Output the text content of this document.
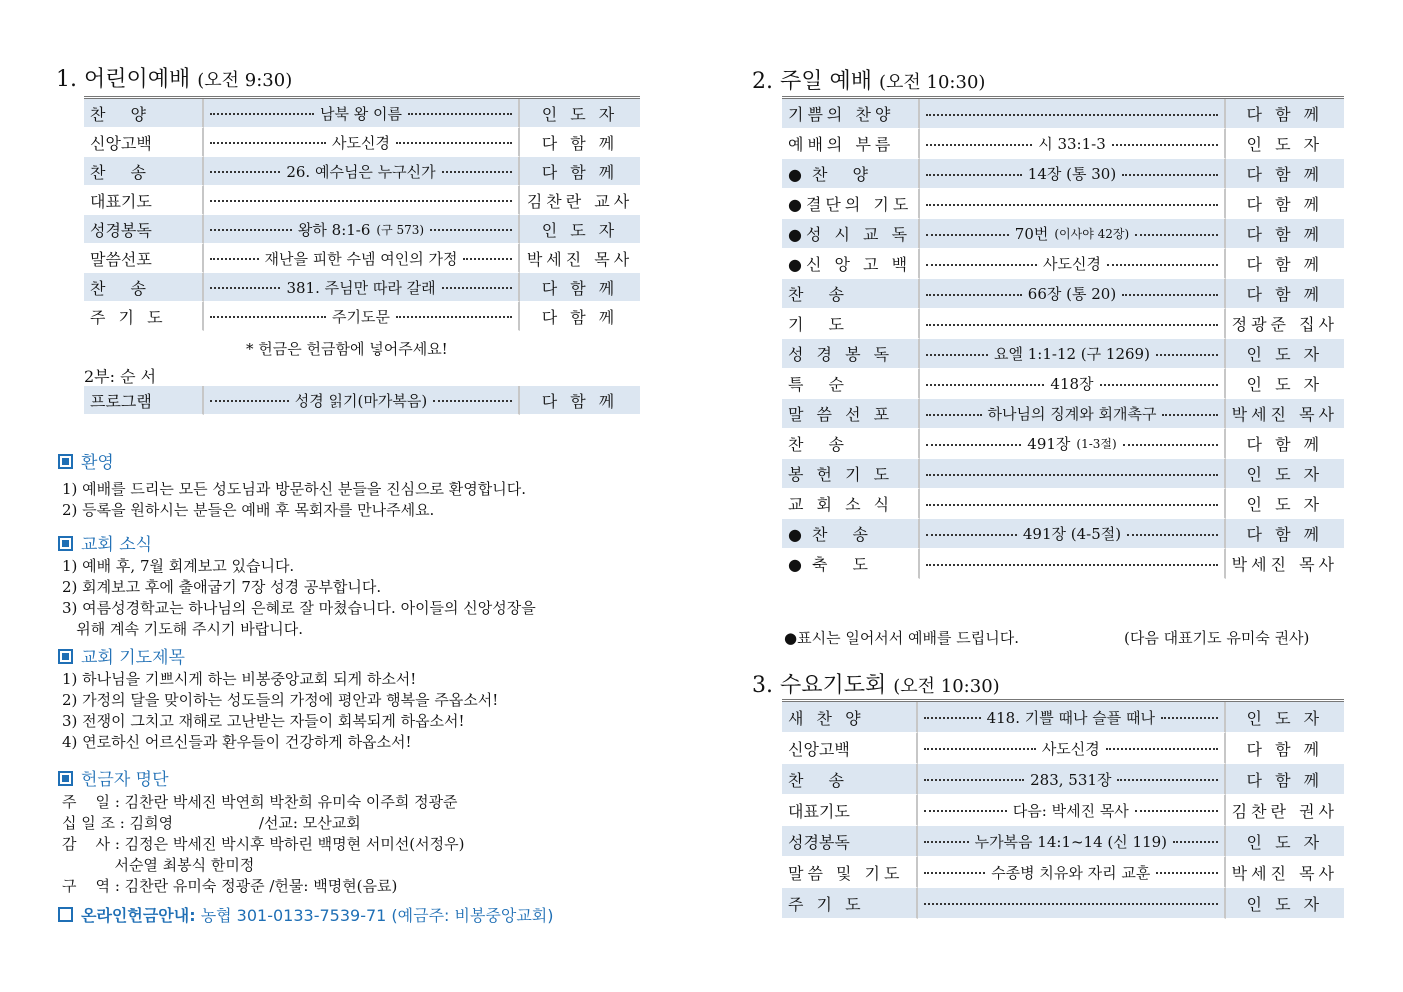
1. 어린이예배 (오전 9:30)
찬 양	남북 왕 이름	인 도 자
신앙고백	사도신경	다 함 께
찬 송	26. 예수님은 누구신가	다 함 께
대표기도		김찬란 교사
성경봉독	왕하 8:1-6 (구 573)	인 도 자
말씀선포	재난을 피한 수넴 여인의 가정	박세진 목사
찬 송	381. 주님만 따라 갈래	다 함 께
주 기 도	주기도문	다 함 께
* 헌금은 헌금함에 넣어주세요!
2부: 순 서
프로그램	성경 읽기(마가복음)	다 함 께
환영
1) 예배를 드리는 모든 성도님과 방문하신 분들을 진심으로 환영합니다.
2) 등록을 원하시는 분들은 예배 후 목회자를 만나주세요.
교회 소식
1) 예배 후, 7월 회계보고 있습니다.
2) 회계보고 후에 출애굽기 7장 성경 공부합니다.
3) 여름성경학교는 하나님의 은혜로 잘 마쳤습니다. 아이들의 신앙성장을
위해 계속 기도해 주시기 바랍니다.
교회 기도제목
1) 하나님을 기쁘시게 하는 비봉중앙교회 되게 하소서!
2) 가정의 달을 맞이하는 성도들의 가정에 평안과 행복을 주옵소서!
3) 전쟁이 그치고 재해로 고난받는 자들이 회복되게 하옵소서!
4) 연로하신 어르신들과 환우들이 건강하게 하옵소서!
헌금자 명단
주    일 : 김찬란 박세진 박연희 박찬희 유미숙 이주희 정광준
십 일 조 : 김희영                  /선교: 모산교회
감    사 : 김정은 박세진 박시후 박하린 백명현 서미선(서정우)
서순열 최봉식 한미정
구    역 : 김찬란 유미숙 정광준 /헌물: 백명현(음료)
온라인헌금안내: 농협 301-0133-7539-71 (예금주: 비봉중앙교회)
2. 주일 예배 (오전 10:30)
기쁨의 찬양		다 함 께
예배의 부름	시 33:1-3	인 도 자
●찬 양	14장 (통 30)	다 함 께
●결단의 기도		다 함 께
●성 시 교 독	70번 (이사야 42장)	다 함 께
●신 앙 고 백	사도신경	다 함 께
찬 송	66장 (통 20)	다 함 께
기 도		정광준 집사
성 경 봉 독	요엘 1:1-12 (구 1269)	인 도 자
특 순	418장	인 도 자
말 씀 선 포	하나님의 징계와 회개촉구	박세진 목사
찬 송	491장 (1-3절)	다 함 께
봉 헌 기 도		인 도 자
교 회 소 식		인 도 자
●찬 송	491장 (4-5절)	다 함 께
●축 도		박세진 목사
●표시는 일어서서 예배를 드립니다.	(다음 대표기도 유미숙 권사)
3. 수요기도회 (오전 10:30)
새 찬 양	418. 기쁠 때나 슬플 때나	인 도 자
신앙고백	사도신경	다 함 께
찬 송	283, 531장	다 함 께
대표기도	다음: 박세진 목사	김찬란 권사
성경봉독	누가복음 14:1~14 (신 119)	인 도 자
말씀 및 기도	수종병 치유와 자리 교훈	박세진 목사
주 기 도		인 도 자
